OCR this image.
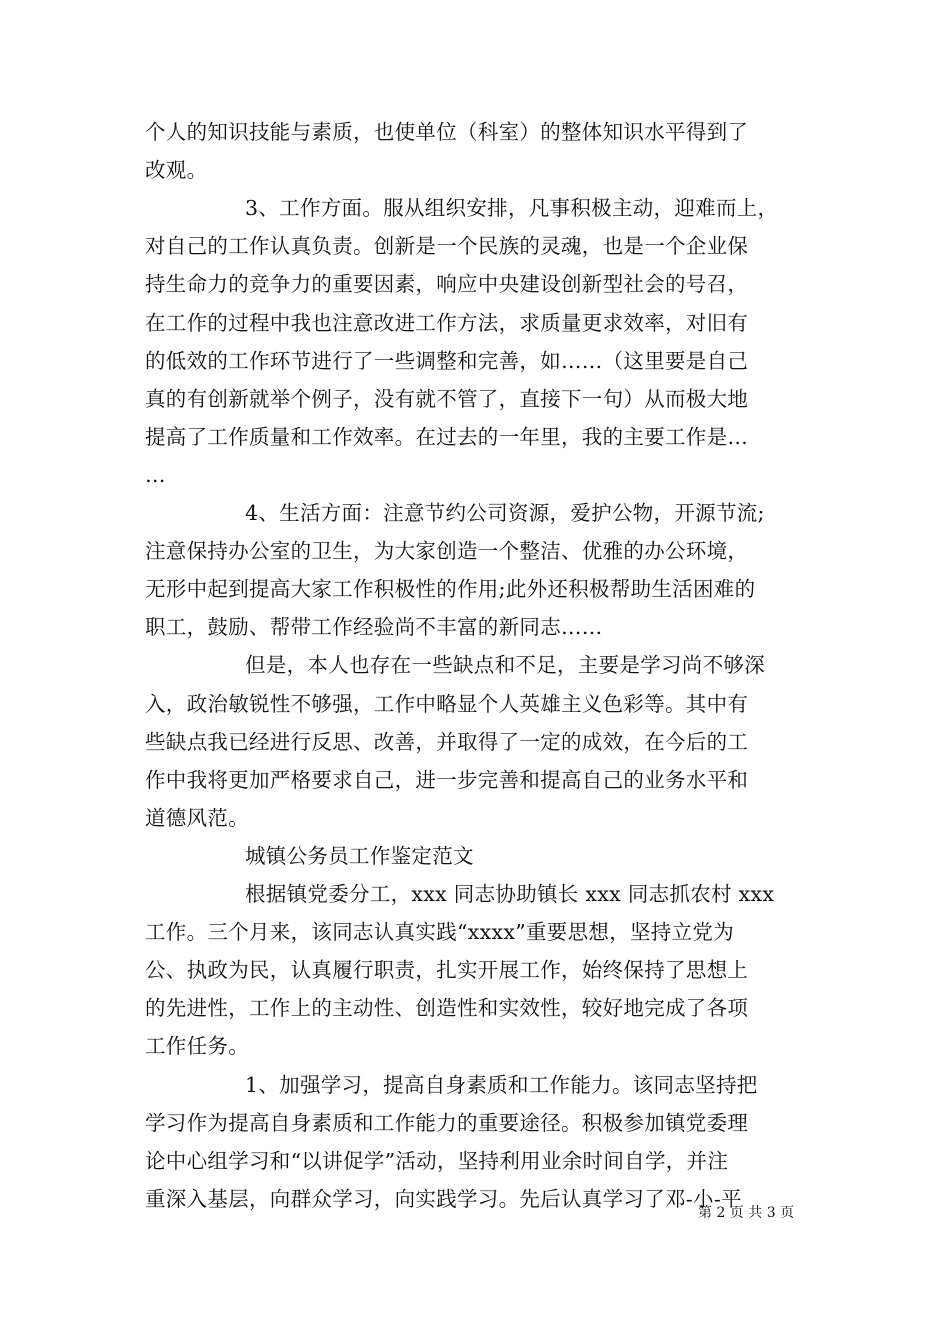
个人的知识技能与素质，也使单位（科室）的整体知识水平得到了
改观。
3、工作方面。服从组织安排，凡事积极主动，迎难而上，
对自己的工作认真负责。创新是一个民族的灵魂，也是一个企业保
持生命力的竞争力的重要因素，响应中央建设创新型社会的号召，
在工作的过程中我也注意改进工作方法，求质量更求效率，对旧有
的低效的工作环节进行了一些调整和完善，如……（这里要是自己
真的有创新就举个例子，没有就不管了，直接下一句）从而极大地
提高了工作质量和工作效率。在过去的一年里，我的主要工作是…
…
4、生活方面：注意节约公司资源，爱护公物，开源节流;
注意保持办公室的卫生，为大家创造一个整洁、优雅的办公环境，
无形中起到提高大家工作积极性的作用;此外还积极帮助生活困难的
职工，鼓励、帮带工作经验尚不丰富的新同志……
但是，本人也存在一些缺点和不足，主要是学习尚不够深
入，政治敏锐性不够强，工作中略显个人英雄主义色彩等。其中有
些缺点我已经进行反思、改善，并取得了一定的成效，在今后的工
作中我将更加严格要求自己，进一步完善和提高自己的业务水平和
道德风范。
城镇公务员工作鉴定范文
根据镇党委分工，xxx 同志协助镇长 xxx 同志抓农村 xxx
工作。三个月来，该同志认真实践“xxxx”重要思想，坚持立党为
公、执政为民，认真履行职责，扎实开展工作，始终保持了思想上
的先进性，工作上的主动性、创造性和实效性，较好地完成了各项
工作任务。
1、加强学习，提高自身素质和工作能力。该同志坚持把
学习作为提高自身素质和工作能力的重要途径。积极参加镇党委理
论中心组学习和“以讲促学”活动，坚持利用业余时间自学，并注
重深入基层，向群众学习，向实践学习。先后认真学习了邓-小-平
第 2 页 共 3 页
